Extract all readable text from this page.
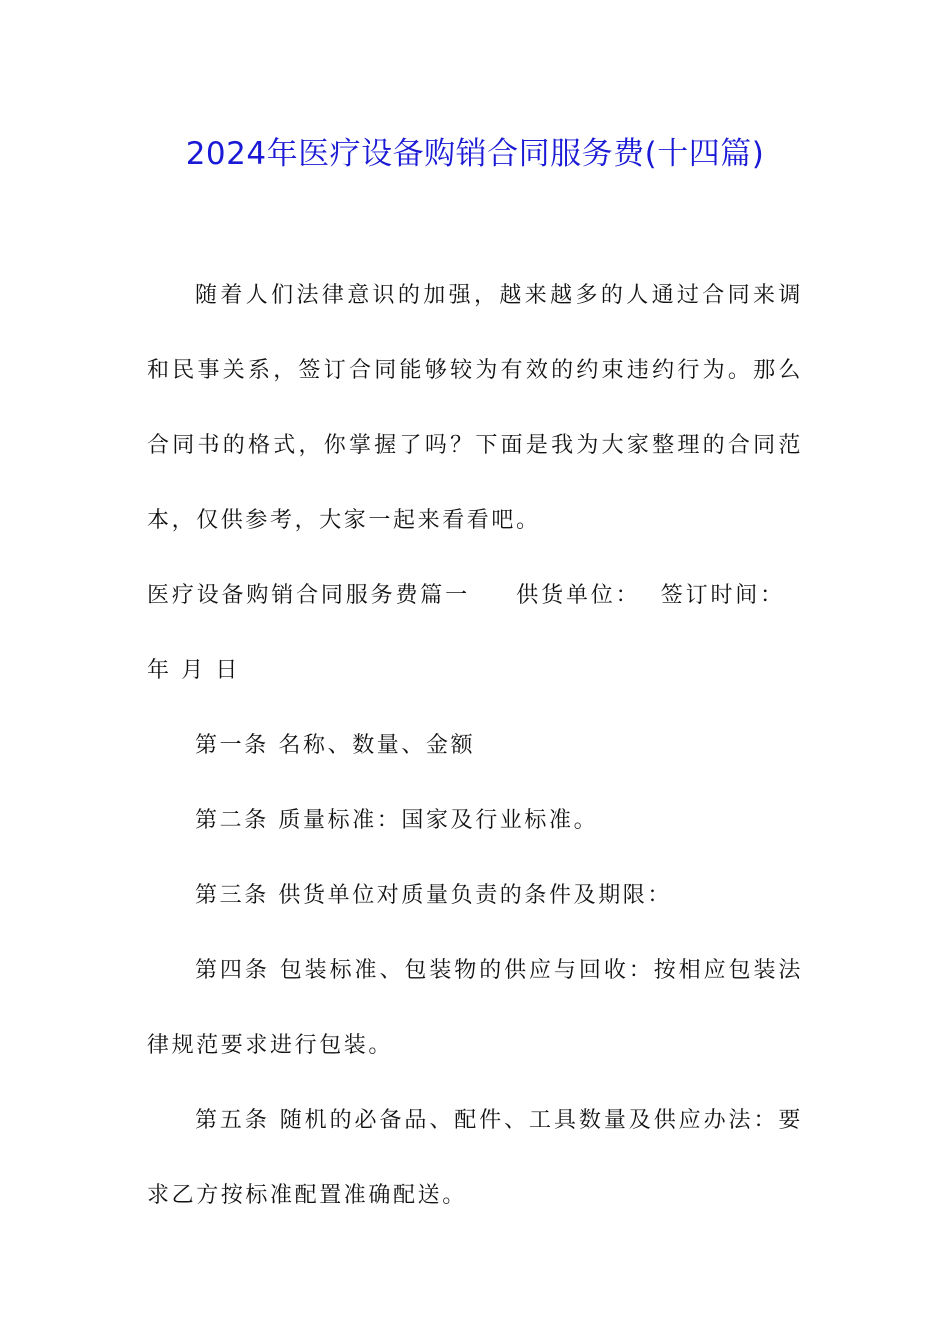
2024年医疗设备购销合同服务费(十四篇)

随着人们法律意识的加强，越来越多的人通过合同来调和民事关系，签订合同能够较为有效的约束违约行为。那么合同书的格式，你掌握了吗？下面是我为大家整理的合同范本，仅供参考，大家一起来看看吧。

医疗设备购销合同服务费篇一 供货单位： 签订时间：年 月 日

第一条 名称、数量、金额

第二条 质量标准：国家及行业标准。

第三条 供货单位对质量负责的条件及期限：

第四条 包装标准、包装物的供应与回收：按相应包装法律规范要求进行包装。

第五条 随机的必备品、配件、工具数量及供应办法：要求乙方按标准配置准确配送。
